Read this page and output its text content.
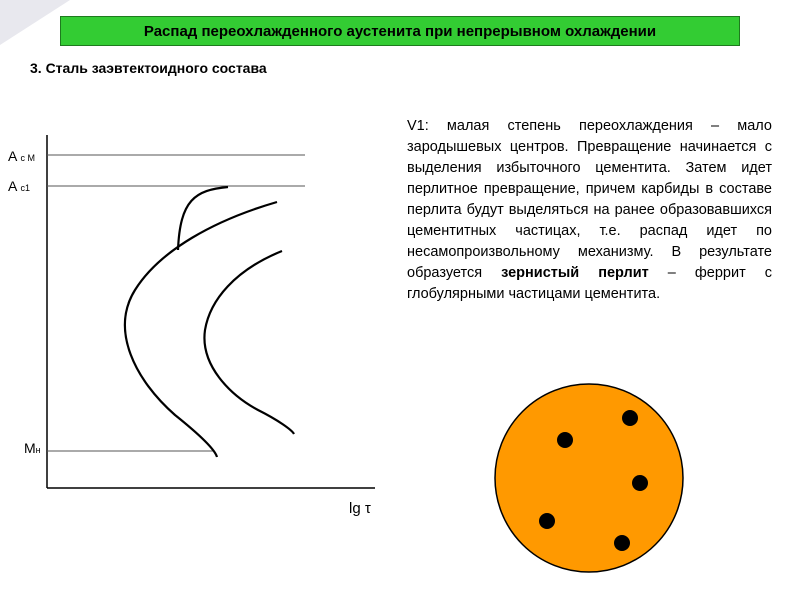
Распад переохлажденного аустенита при непрерывном охлаждении
3. Сталь заэвтектоидного состава
A с М
A с1
Mн
lg τ
V1: малая степень переохлаждения – мало зародышевых центров. Превращение начинается с выделения избыточного цементита. Затем идет перлитное превращение, причем карбиды в составе перлита будут выделяться на ранее образовавшихся цементитных частицах, т.е. распад идет по несамопроизвольному механизму. В результате образуется зернистый перлит – феррит с глобулярными частицами цементита.
